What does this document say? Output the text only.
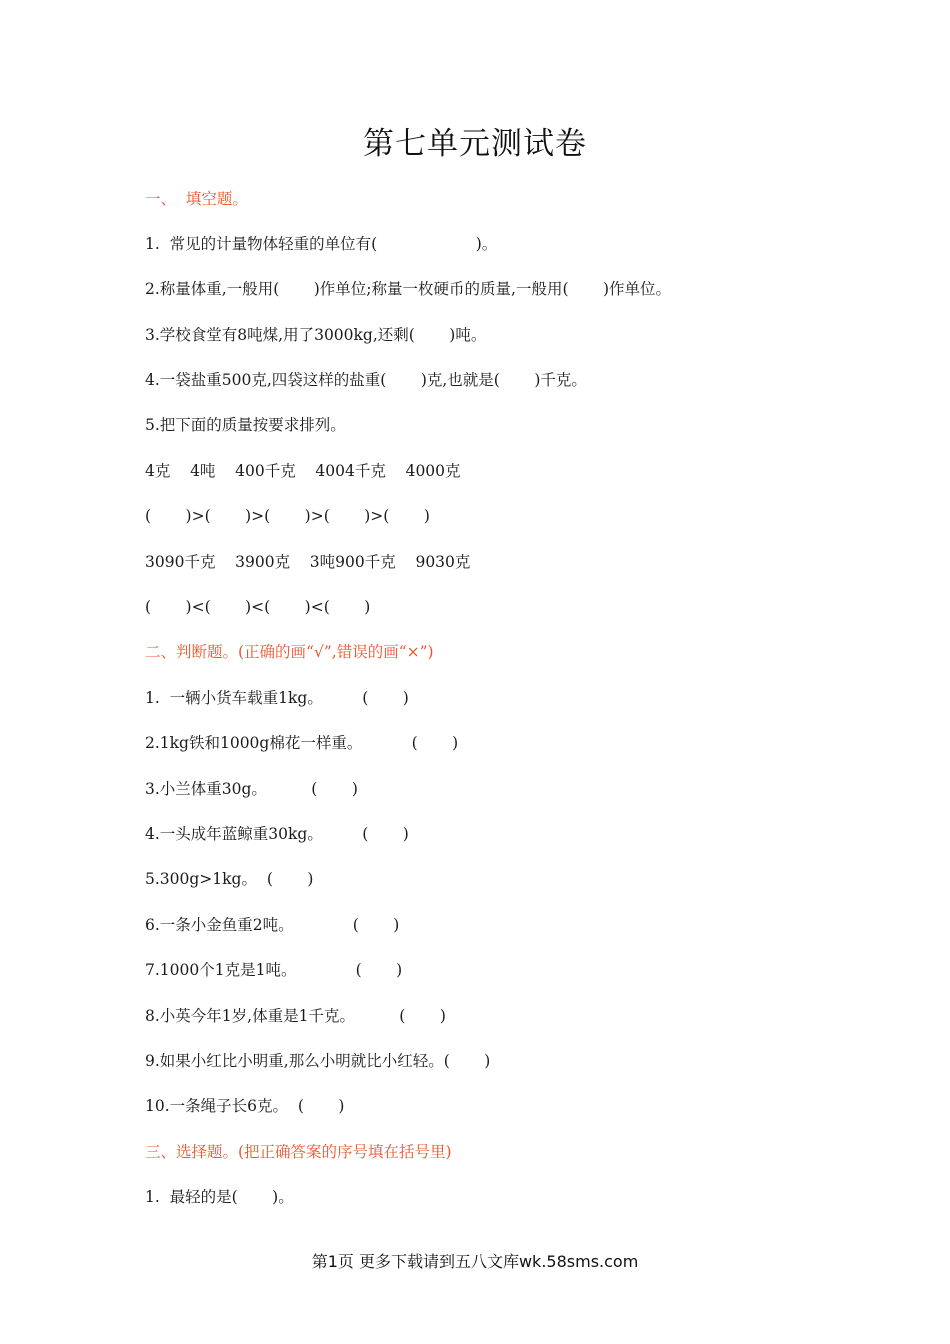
第七单元测试卷
一、  填空题。
1.  常见的计量物体轻重的单位有(                    )。
2.称量体重,一般用(       )作单位;称量一枚硬币的质量,一般用(       )作单位。
3.学校食堂有8吨煤,用了3000kg,还剩(       )吨。
4.一袋盐重500克,四袋这样的盐重(       )克,也就是(       )千克。
5.把下面的质量按要求排列。
4克    4吨    400千克    4004千克    4000克
(       )>(       )>(       )>(       )>(       )
3090千克    3900克    3吨900千克    9030克
(       )<(       )<(       )<(       )
二、判断题。(正确的画“√”,错误的画“×”)
1.  一辆小货车载重1kg。        (       )
2.1kg铁和1000g棉花一样重。          (       )
3.小兰体重30g。         (       )
4.一头成年蓝鲸重30kg。        (       )
5.300g>1kg。  (       )
6.一条小金鱼重2吨。            (       )
7.1000个1克是1吨。            (       )
8.小英今年1岁,体重是1千克。         (       )
9.如果小红比小明重,那么小明就比小红轻。(       )
10.一条绳子长6克。  (       )
三、选择题。(把正确答案的序号填在括号里)
1.  最轻的是(       )。
第1页 更多下载请到五八文库wk.58sms.com
